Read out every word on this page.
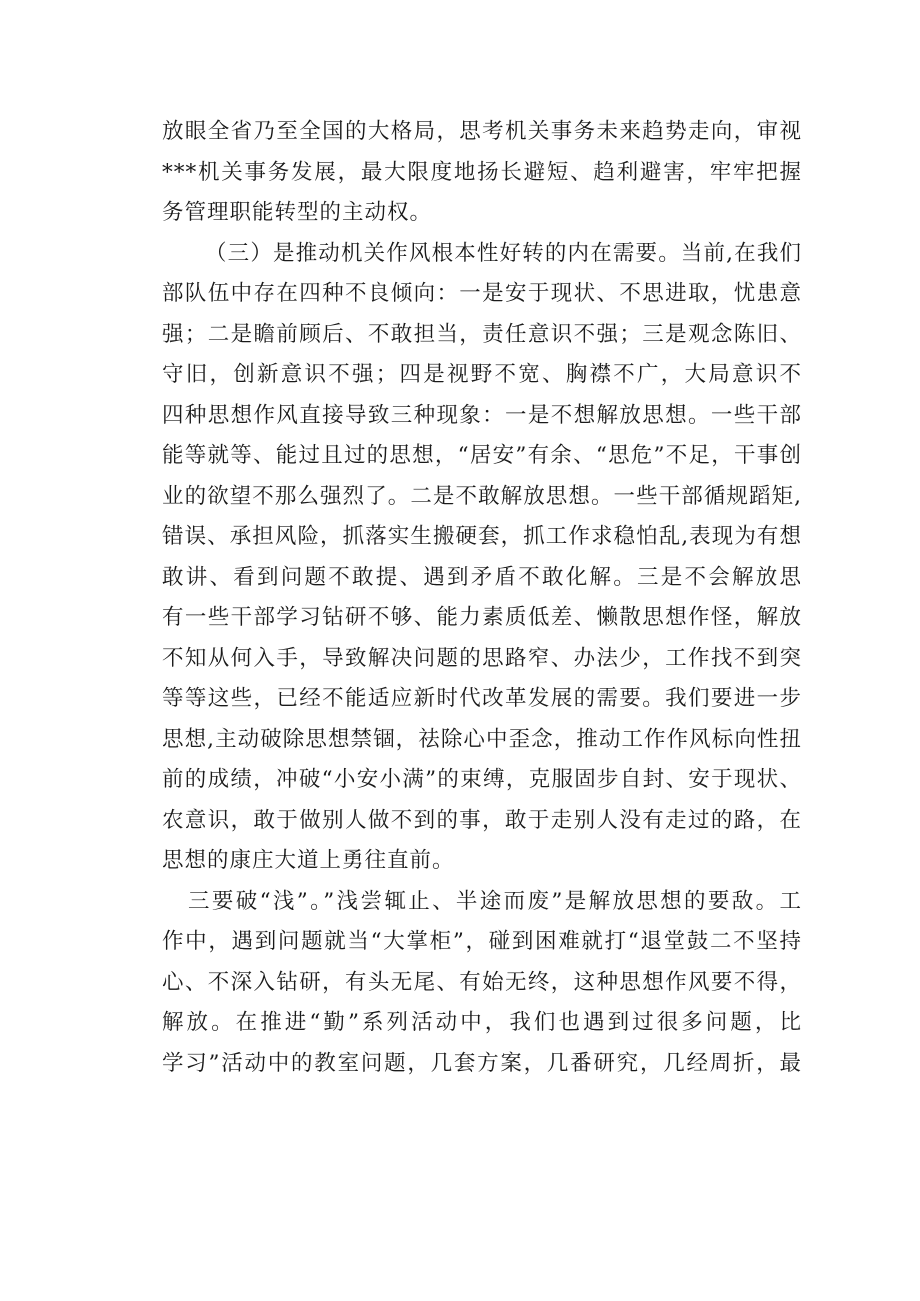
放眼全省乃至全国的大格局，思考机关事务未来趋势走向，审视
***机关事务发展，最大限度地扬长避短、趋利避害，牢牢把握
务管理职能转型的主动权。
（三）是推动机关作风根本性好转的内在需要。当前,在我们
部队伍中存在四种不良倾向：一是安于现状、不思进取，忧患意
强；二是瞻前顾后、不敢担当，责任意识不强；三是观念陈旧、
守旧，创新意识不强；四是视野不宽、胸襟不广，大局意识不
四种思想作风直接导致三种现象：一是不想解放思想。一些干部
能等就等、能过且过的思想，“居安”有余、“思危”不足，干事创
业的欲望不那么强烈了。二是不敢解放思想。一些干部循规蹈矩,
错误、承担风险，抓落实生搬硬套，抓工作求稳怕乱,表现为有想
敢讲、看到问题不敢提、遇到矛盾不敢化解。三是不会解放思
有一些干部学习钻研不够、能力素质低差、懒散思想作怪，解放
不知从何入手，导致解决问题的思路窄、办法少，工作找不到突
等等这些，已经不能适应新时代改革发展的需要。我们要进一步
思想,主动破除思想禁锢，祛除心中歪念，推动工作作风标向性扭
前的成绩，冲破“小安小满”的束缚，克服固步自封、安于现状、
农意识，敢于做别人做不到的事，敢于走别人没有走过的路，在
思想的康庄大道上勇往直前。
三要破“浅”。”浅尝辄止、半途而废”是解放思想的要敌。工
作中，遇到问题就当“大掌柜”，碰到困难就打“退堂鼓二不坚持
心、不深入钻研，有头无尾、有始无终，这种思想作风要不得，
解放。在推进“勤”系列活动中，我们也遇到过很多问题，比
学习”活动中的教室问题，几套方案，几番研究，几经周折，最
